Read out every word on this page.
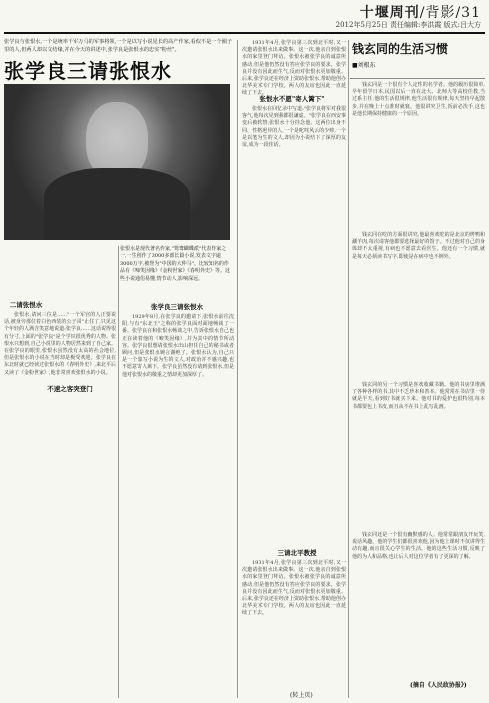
十堰周刊/背影/31
2012年5月25日 责任编辑:李洪霞 版式:吕大方
张学良与张恨水,一个是统率千军万马的军事将领,一个是以写小说见长的高产作家,看似不是一个圈子里的人,但两人却以文结缘,并在今天的讲述中,张学良是张恨水的忠实"粉丝"。
张学良三请张恨水
张恨水是现代著名作家,"鸳鸯蝴蝶派"代表作家之一,一生创作了3000多部长篇小说,发表文字逾3000万字,被誉为"中国的大仲马"。比较知名的作品有《啼笑因缘》《金粉世家》《春明外史》等。这些小说通俗易懂,情节动人,影响深远。
二请张恨水
不速之客突登门
张恨水不愿"寄人篱下"
张学良三请张恨水
三请北平教授

张恨水,请问三位是……"一个军官的人正要说话,被身旁那位着白色西装的公子哥"止住了,只见这个年轻的人满含笑意地说道:张学良……这话说得很有分寸,上面的"张学良"是个学识很优秀的人物。张恨水只想到,自己小说里的人物居然来到了自己家。在张学良的眼里,张恨水虽然没有太高的社会地位,但是张恨水的小说在当时却是极受欢迎。张学良在东北时就已经读过张恨水的《春明外史》,来北平后又读了《金粉世家》,他非常喜欢张恨水的小说。

1929年8月,在张学良的邀请下,张恨水前往沈阳,与有"东北王"之称的张学良面对面地畅谈了一番。张学良在和张恨水畅谈之中,告诉张恨水自己也正在读着他的《啼笑因缘》,并为其中的情节所动容。张学良很想请张恨水出山担任自己的秘书或者顾问,但是张恨水婉言谢绝了。张恨水认为,自己只是一个靠写小说为生的文人,对政治并不感兴趣,也不愿意寄人篱下。张学良虽然没有请到张恨水,但是他对张恨水的敬重之情却更加深厚了。

1931年4月,张学良第三次到北平时,又一次邀请张恨水出来做事。这一次,他亲自到张恨水的家里登门拜访。张恨水被张学良的诚意所感动,但是他仍然没有答应张学良的要求。张学良并没有因此而生气,反而对张恨水更加敬重。后来,张学良还在经济上资助张恨水,帮助他创办北华美术专门学校。两人的友谊也因此一直延续了下去。

张恨水在回忆录中写道:"张学良将军对我很客气,他每次见到我都很谦虚。"张学良在西安事变后被软禁,张恨水十分挂念他。这两位出身不同、性格迥异的人,一个是叱咤风云的少帅,一个是以笔为生的文人,却因为小说结下了深厚的友谊,成为一段佳话。

1931年4月,张学良第三次到北平时,又一次邀请张恨水出来做事。这一次,他亲自到张恨水的家里登门拜访。张恨水被张学良的诚意所感动,但是他仍然没有答应张学良的要求。张学良并没有因此而生气,反而对张恨水更加敬重。后来,张学良还在经济上资助张恨水,帮助他创办北华美术专门学校。两人的友谊也因此一直延续了下去。

(转上页)
钱玄同的生活习惯
■刘根东

钱玄同是一个很有个人定性的名学者。他的履历很简单,早年留学日本,民国以后一直在北大、北师大等高校任教,当过系主任,他的生活很规律,他生活很有规律,每天坚持早起散步,并在晚上十点准时就寝。他很讲究卫生,饭前必洗手,这也是他长期保持健康的一个原因。

钱玄同在吃的方面很讲究,他最喜欢吃的是北京的烤鸭和涮羊肉,每次请客他都要选择最好的馆子。不过他对自己的身体却不太重视,有病也不愿意去看医生。他还有一个习惯,就是每天必须读书写字,即使是在病中也不例外。

钱玄同的另一个习惯是喜欢收藏书籍。他的书房里堆满了各种各样的书,其中不乏珍本和善本。他常常在书店里一待就是半天,看到好书就买下来。他对书的爱护也很特别,每本书都要包上书皮,而且从不在书上乱写乱画。

钱玄同还是一个很有幽默感的人。他常常跟朋友开玩笑,说话风趣。他的学生们都很喜欢他,因为他上课时不仅讲得生动有趣,而且很关心学生的生活。他的这些生活习惯,反映了他的为人和品格,也让后人对这位学者有了更深的了解。

(摘自《人民政协报》)
